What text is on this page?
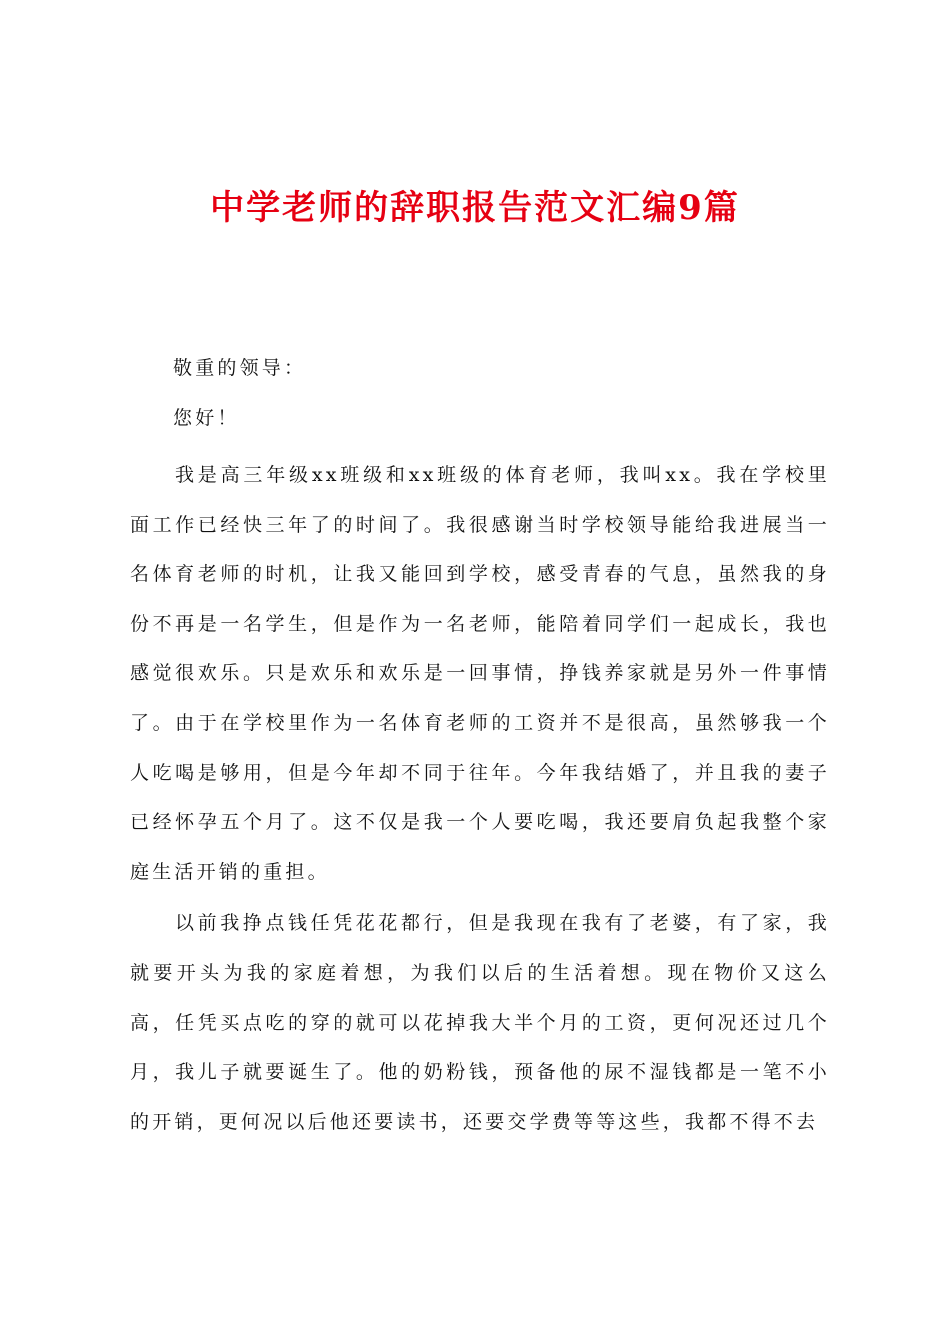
中学老师的辞职报告范文汇编9篇

敬重的领导：

您好！

我是高三年级xx班级和xx班级的体育老师，我叫xx。我在学校里面工作已经快三年了的时间了。我很感谢当时学校领导能给我进展当一名体育老师的时机，让我又能回到学校，感受青春的气息，虽然我的身份不再是一名学生，但是作为一名老师，能陪着同学们一起成长，我也感觉很欢乐。只是欢乐和欢乐是一回事情，挣钱养家就是另外一件事情了。由于在学校里作为一名体育老师的工资并不是很高，虽然够我一个人吃喝是够用，但是今年却不同于往年。今年我结婚了，并且我的妻子已经怀孕五个月了。这不仅是我一个人要吃喝，我还要肩负起我整个家庭生活开销的重担。

以前我挣点钱任凭花花都行，但是我现在我有了老婆，有了家，我就要开头为我的家庭着想，为我们以后的生活着想。现在物价又这么高，任凭买点吃的穿的就可以花掉我大半个月的工资，更何况还过几个月，我儿子就要诞生了。他的奶粉钱，预备他的尿不湿钱都是一笔不小的开销，更何况以后他还要读书，还要交学费等等这些，我都不得不去
